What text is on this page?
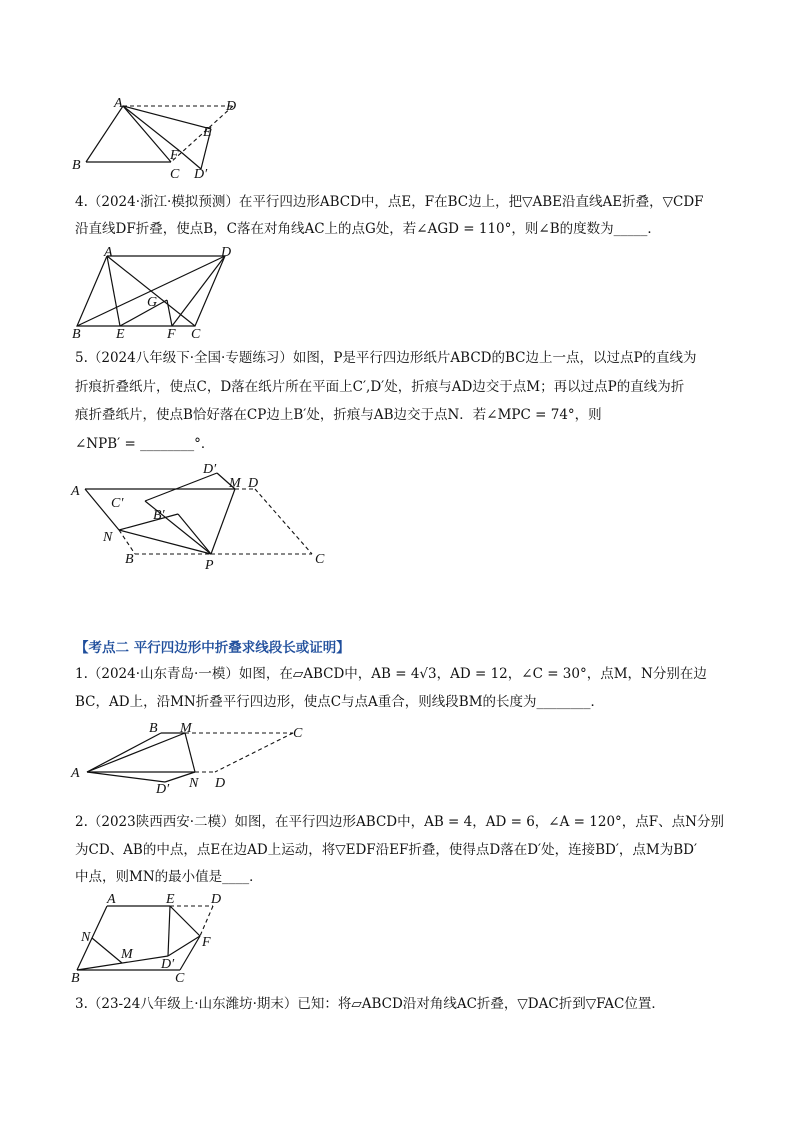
A	D
E
F
B
C D′
4.（2024·浙江·模拟预测）在平行四边形ABCD中，点E，F在BC边上，把▽ABE沿直线AE折叠，▽CDF
沿直线DF折叠，使点B，C落在对角线AC上的点G处，若∠AGD = 110°，则∠B的度数为_____．
A	D
G
B	E	F C
5.（2024八年级下·全国·专题练习）如图，P是平行四边形纸片ABCD的BC边上一点，以过点P的直线为
折痕折叠纸片，使点C，D落在纸片所在平面上C′,D′处，折痕与AD边交于点M；再以过点P的直线为折
痕折叠纸片，使点B恰好落在CP边上B′处，折痕与AB边交于点N．若∠MPC = 74°，则
∠NPB′ = ________°．
D′
M D
A
C′
B′
N
B	P	C
【考点二 平行四边形中折叠求线段长或证明】
1.（2024·山东青岛·一模）如图，在▱ABCD中，AB = 4√3，AD = 12，∠C = 30°，点M，N分别在边
BC，AD上，沿MN折叠平行四边形，使点C与点A重合，则线段BM的长度为________．
B M	C
A
D′ N D
2.（2023陕西西安·二模）如图，在平行四边形ABCD中，AB = 4，AD = 6，∠A = 120°，点F、点N分别
为CD、AB的中点，点E在边AD上运动，将▽EDF沿EF折叠，使得点D落在D′处，连接BD′，点M为BD′
中点，则MN的最小值是____．
A	E	D
N	F
M
D′
B	C
3.（23-24八年级上·山东潍坊·期末）已知：将▱ABCD沿对角线AC折叠，▽DAC折到▽FAC位置．
